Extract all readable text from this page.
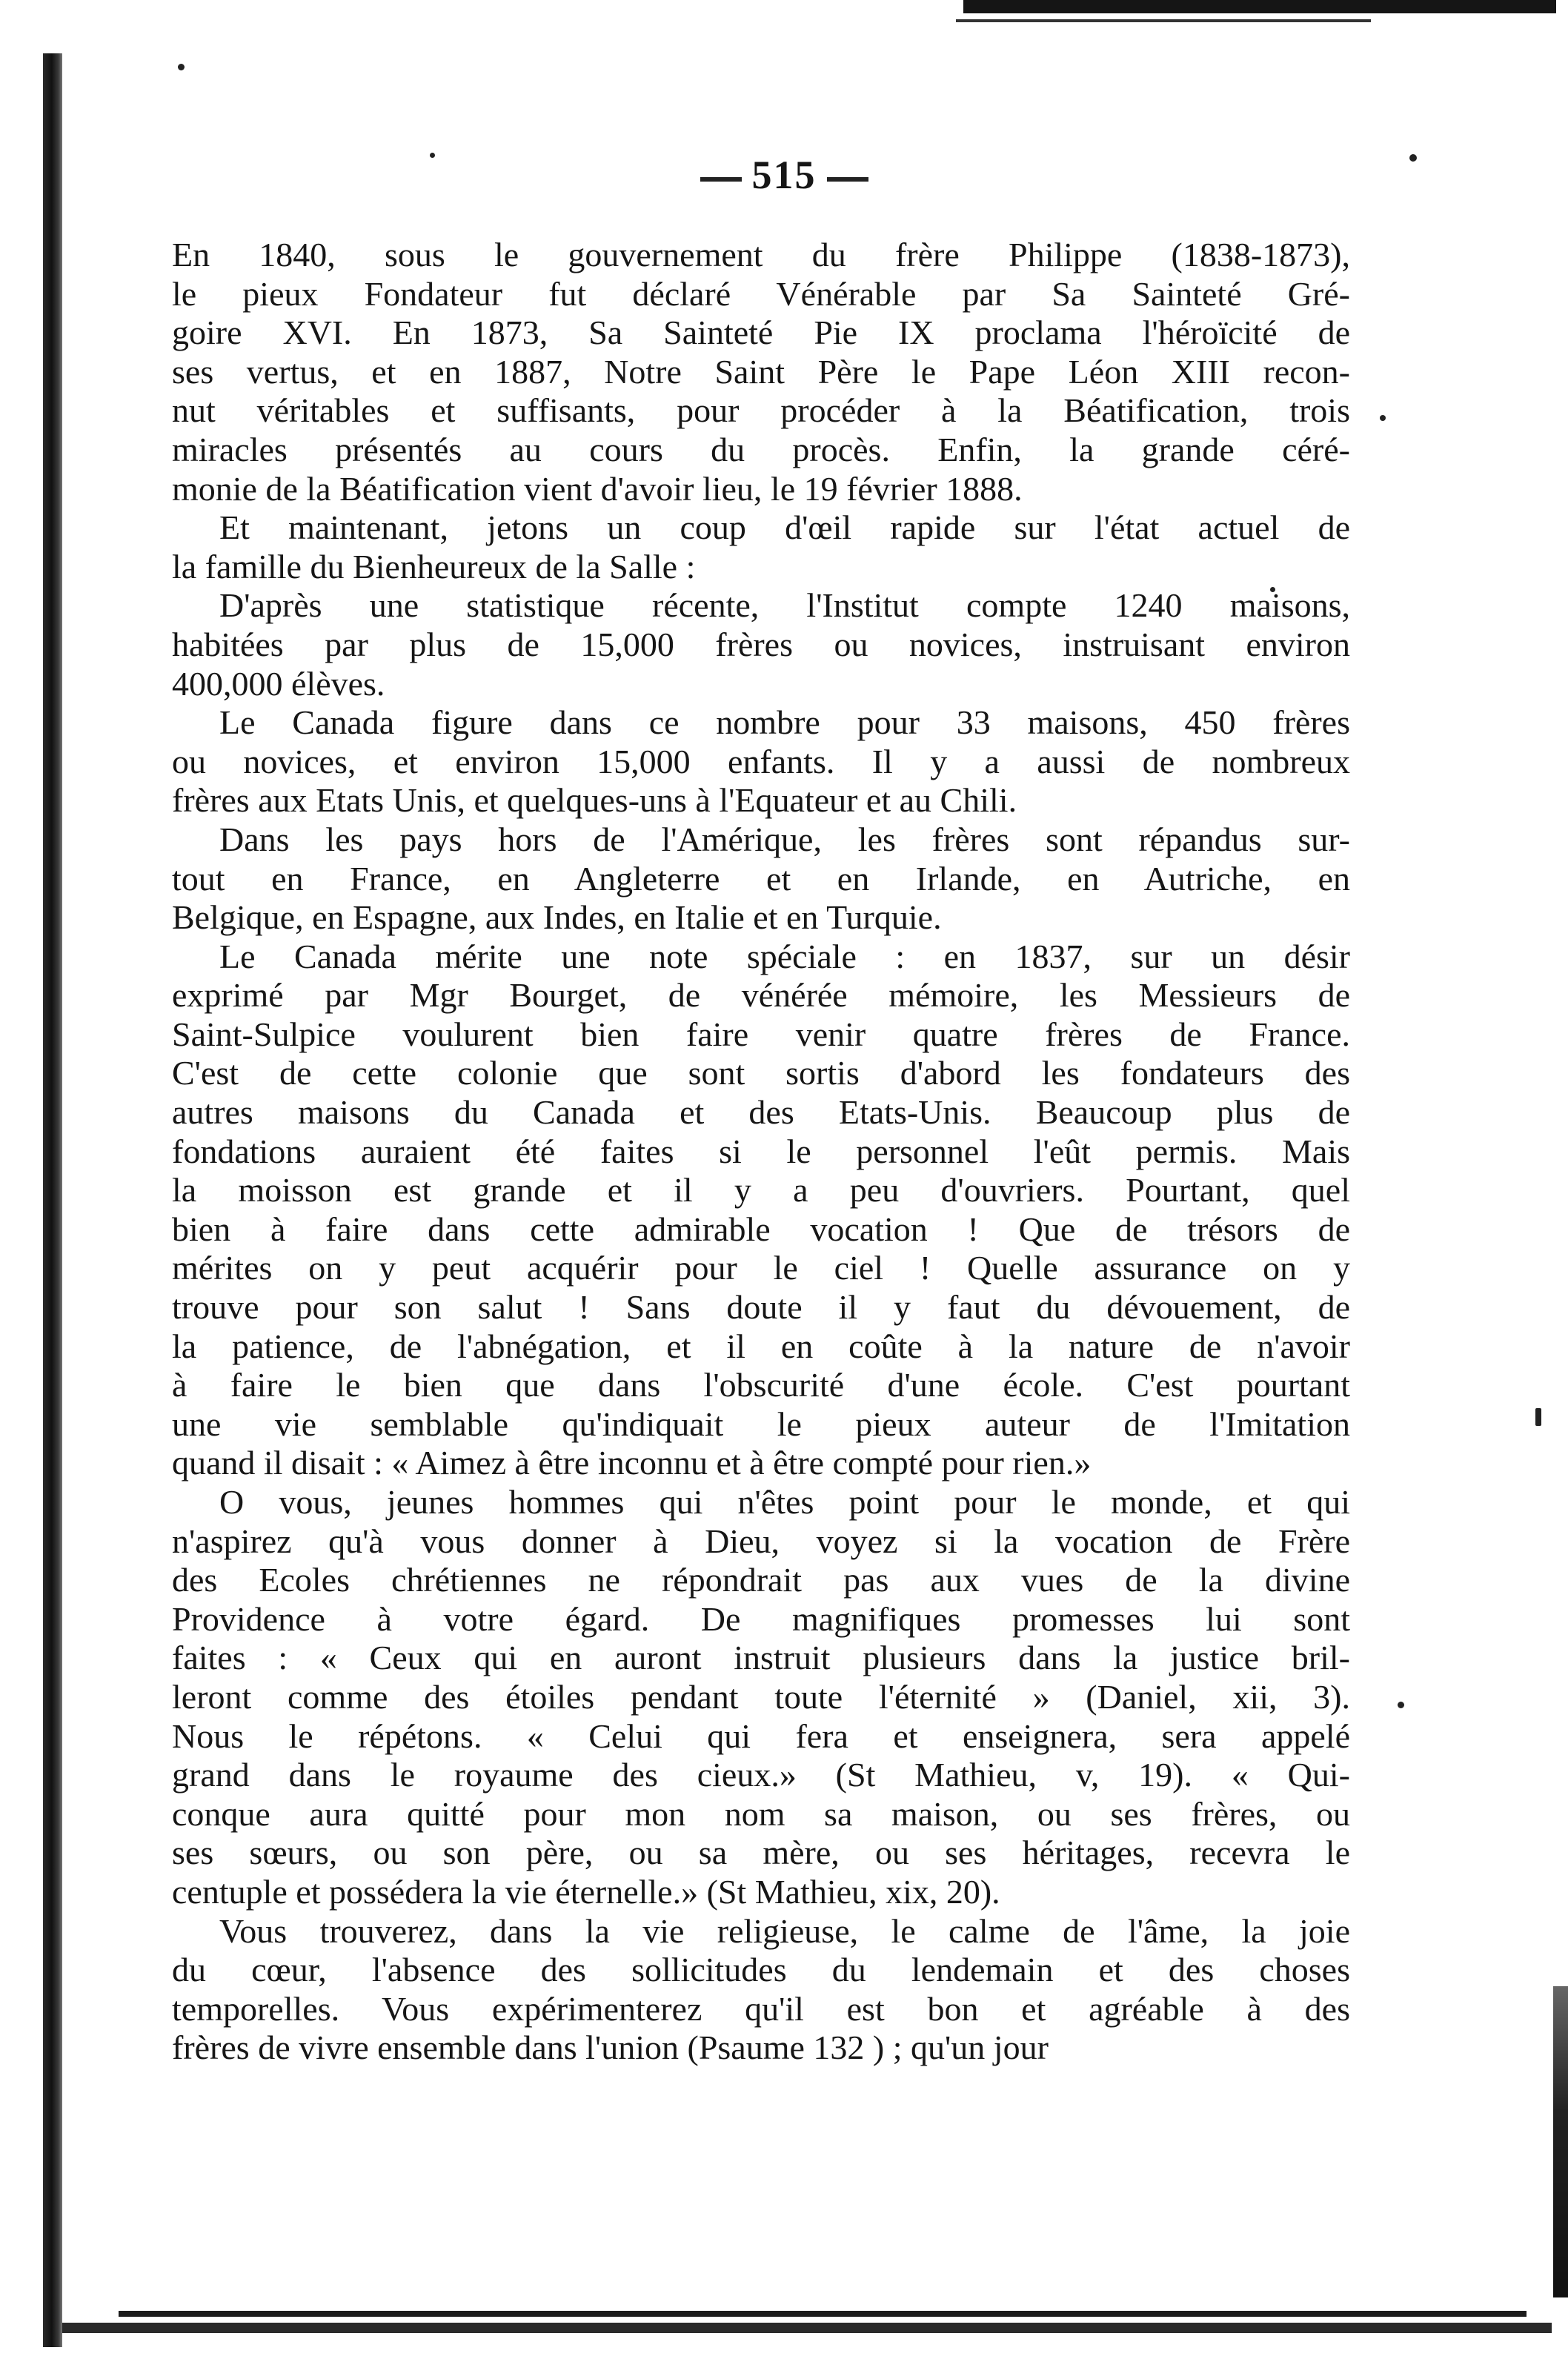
515
En 1840, sous le gouvernement du frère Philippe (1838-1873),
le pieux Fondateur fut déclaré Vénérable par Sa Sainteté Gré-
goire XVI. En 1873, Sa Sainteté Pie IX proclama l'héroïcité de
ses vertus, et en 1887, Notre Saint Père le Pape Léon XIII recon-
nut véritables et suffisants, pour procéder à la Béatification, trois
miracles présentés au cours du procès. Enfin, la grande céré-
monie de la Béatification vient d'avoir lieu, le 19 février 1888.
Et maintenant, jetons un coup d'œil rapide sur l'état actuel de
la famille du Bienheureux de la Salle :
D'après une statistique récente, l'Institut compte 1240 maisons,
habitées par plus de 15,000 frères ou novices, instruisant environ
400,000 élèves.
Le Canada figure dans ce nombre pour 33 maisons, 450 frères
ou novices, et environ 15,000 enfants. Il y a aussi de nombreux
frères aux Etats Unis, et quelques-uns à l'Equateur et au Chili.
Dans les pays hors de l'Amérique, les frères sont répandus sur-
tout en France, en Angleterre et en Irlande, en Autriche, en
Belgique, en Espagne, aux Indes, en Italie et en Turquie.
Le Canada mérite une note spéciale : en 1837, sur un désir
exprimé par Mgr Bourget, de vénérée mémoire, les Messieurs de
Saint-Sulpice voulurent bien faire venir quatre frères de France.
C'est de cette colonie que sont sortis d'abord les fondateurs des
autres maisons du Canada et des Etats-Unis. Beaucoup plus de
fondations auraient été faites si le personnel l'eût permis. Mais
la moisson est grande et il y a peu d'ouvriers. Pourtant, quel
bien à faire dans cette admirable vocation ! Que de trésors de
mérites on y peut acquérir pour le ciel ! Quelle assurance on y
trouve pour son salut ! Sans doute il y faut du dévouement, de
la patience, de l'abnégation, et il en coûte à la nature de n'avoir
à faire le bien que dans l'obscurité d'une école. C'est pourtant
une vie semblable qu'indiquait le pieux auteur de l'Imitation
quand il disait : « Aimez à être inconnu et à être compté pour rien.»
O vous, jeunes hommes qui n'êtes point pour le monde, et qui
n'aspirez qu'à vous donner à Dieu, voyez si la vocation de Frère
des Ecoles chrétiennes ne répondrait pas aux vues de la divine
Providence à votre égard. De magnifiques promesses lui sont
faites : « Ceux qui en auront instruit plusieurs dans la justice bril-
leront comme des étoiles pendant toute l'éternité » (Daniel, xii, 3).
Nous le répétons. « Celui qui fera et enseignera, sera appelé
grand dans le royaume des cieux.» (St Mathieu, v, 19). « Qui-
conque aura quitté pour mon nom sa maison, ou ses frères, ou
ses sœurs, ou son père, ou sa mère, ou ses héritages, recevra le
centuple et possédera la vie éternelle.» (St Mathieu, xix, 20).
Vous trouverez, dans la vie religieuse, le calme de l'âme, la joie
du cœur, l'absence des sollicitudes du lendemain et des choses
temporelles. Vous expérimenterez qu'il est bon et agréable à des
frères de vivre ensemble dans l'union (Psaume 132 ) ; qu'un jour
